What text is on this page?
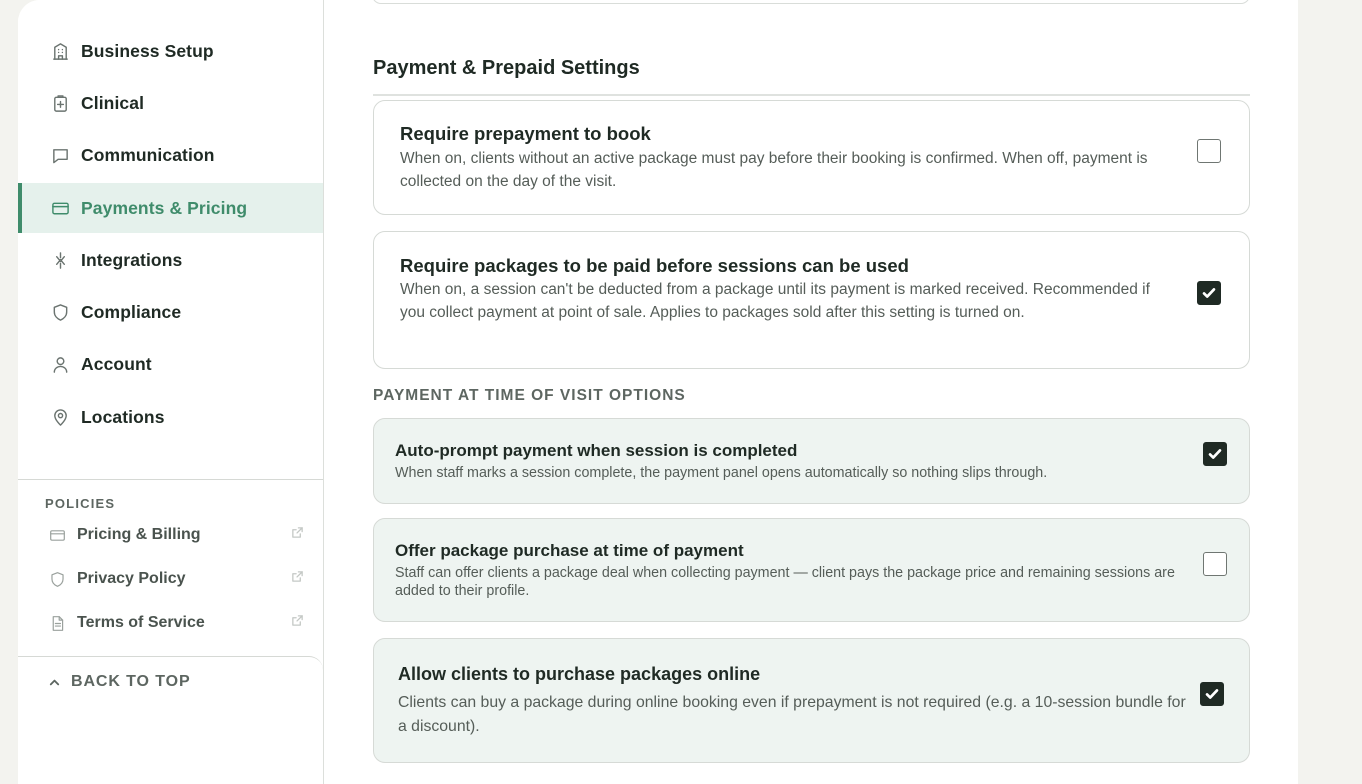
Business Setup
Clinical
Communication
Payments & Pricing
Integrations
Compliance
Account
Locations
POLICIES
Pricing & Billing
Privacy Policy
Terms of Service
BACK TO TOP
Payment & Prepaid Settings
Require prepayment to book
When on, clients without an active package must pay before their booking is confirmed. When off, payment is collected on the day of the visit.
Require packages to be paid before sessions can be used
When on, a session can't be deducted from a package until its payment is marked received. Recommended if you collect payment at point of sale. Applies to packages sold after this setting is turned on.
PAYMENT AT TIME OF VISIT OPTIONS
Auto-prompt payment when session is completed
When staff marks a session complete, the payment panel opens automatically so nothing slips through.
Offer package purchase at time of payment
Staff can offer clients a package deal when collecting payment — client pays the package price and remaining sessions are added to their profile.
Allow clients to purchase packages online
Clients can buy a package during online booking even if prepayment is not required (e.g. a 10-session bundle for a discount).
